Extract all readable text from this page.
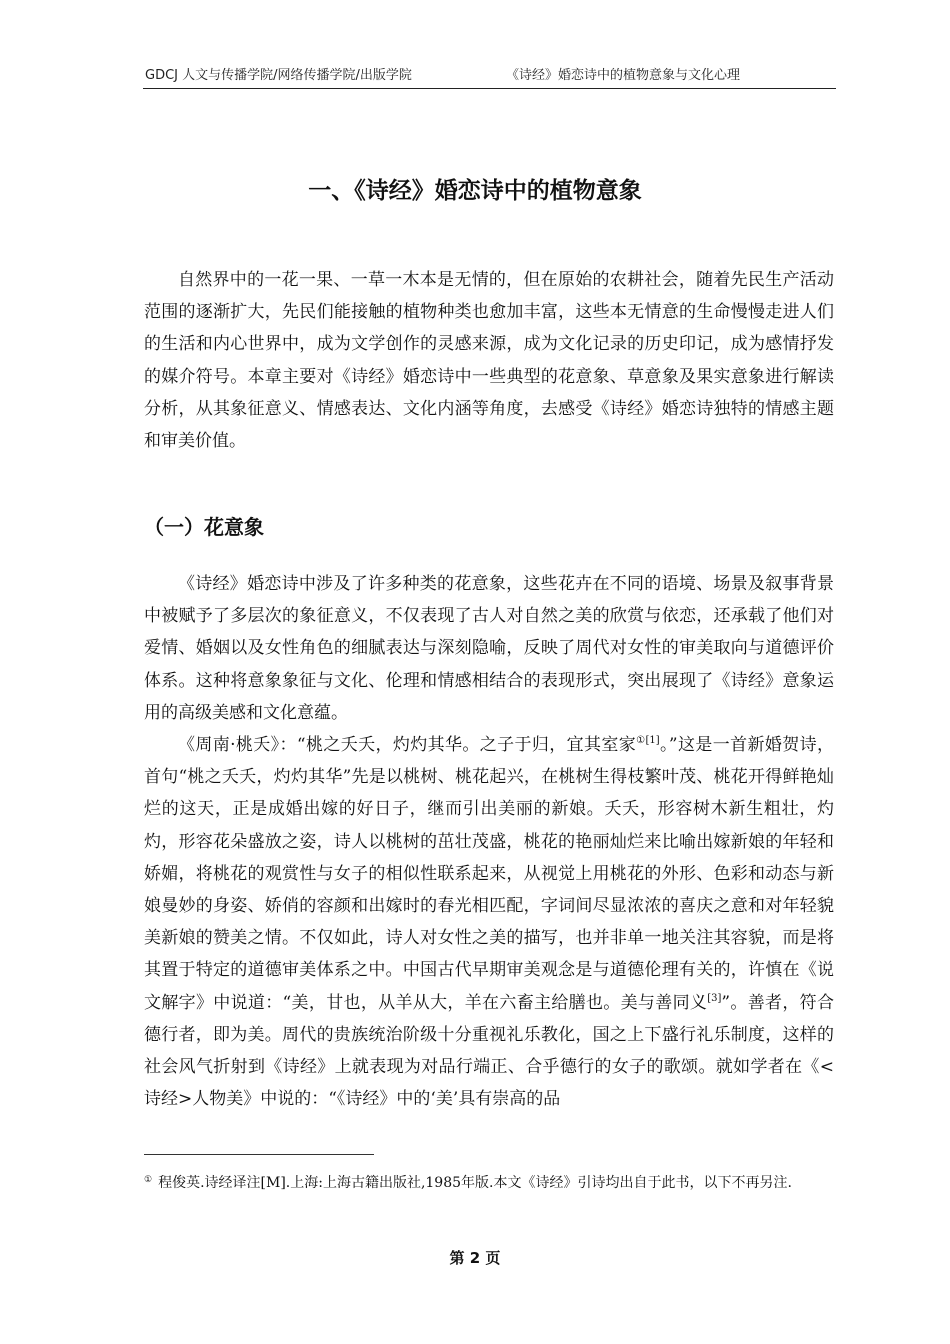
GDCJ 人文与传播学院/网络传播学院/出版学院	《诗经》婚恋诗中的植物意象与文化心理
一、《诗经》婚恋诗中的植物意象

自然界中的一花一果、一草一木本是无情的，但在原始的农耕社会，随着先民生产活动范围的逐渐扩大，先民们能接触的植物种类也愈加丰富，这些本无情意的生命慢慢走进人们的生活和内心世界中，成为文学创作的灵感来源，成为文化记录的历史印记，成为感情抒发的媒介符号。本章主要对《诗经》婚恋诗中一些典型的花意象、草意象及果实意象进行解读分析，从其象征意义、情感表达、文化内涵等角度，去感受《诗经》婚恋诗独特的情感主题和审美价值。

（一）花意象

《诗经》婚恋诗中涉及了许多种类的花意象，这些花卉在不同的语境、场景及叙事背景中被赋予了多层次的象征意义，不仅表现了古人对自然之美的欣赏与依恋，还承载了他们对爱情、婚姻以及女性角色的细腻表达与深刻隐喻，反映了周代对女性的审美取向与道德评价体系。这种将意象象征与文化、伦理和情感相结合的表现形式，突出展现了《诗经》意象运用的高级美感和文化意蕴。

《周南·桃夭》：“桃之夭夭，灼灼其华。之子于归，宜其室家$^{①[1]}$。”这是一首新婚贺诗，首句“桃之夭夭，灼灼其华”先是以桃树、桃花起兴，在桃树生得枝繁叶茂、桃花开得鲜艳灿烂的这天，正是成婚出嫁的好日子，继而引出美丽的新娘。夭夭，形容树木新生粗壮，灼灼，形容花朵盛放之姿，诗人以桃树的茁壮茂盛，桃花的艳丽灿烂来比喻出嫁新娘的年轻和娇媚，将桃花的观赏性与女子的相似性联系起来，从视觉上用桃花的外形、色彩和动态与新娘曼妙的身姿、娇俏的容颜和出嫁时的春光相匹配，字词间尽显浓浓的喜庆之意和对年轻貌美新娘的赞美之情。不仅如此，诗人对女性之美的描写，也并非单一地关注其容貌，而是将其置于特定的道德审美体系之中。中国古代早期审美观念是与道德伦理有关的，许慎在《说文解字》中说道：“美，甘也，从羊从大，羊在六畜主给膳也。美与善同义[3]”。善者，符合德行者，即为美。周代的贵族统治阶级十分重视礼乐教化，国之上下盛行礼乐制度，这样的社会风气折射到《诗经》上就表现为对品行端正、合乎德行的女子的歌颂。就如学者在《<诗经>人物美》中说的：“《诗经》中的‘美’具有崇高的品

① 程俊英.诗经译注[M].上海:上海古籍出版社,1985年版.本文《诗经》引诗均出自于此书，以下不再另注.
第 2 页
